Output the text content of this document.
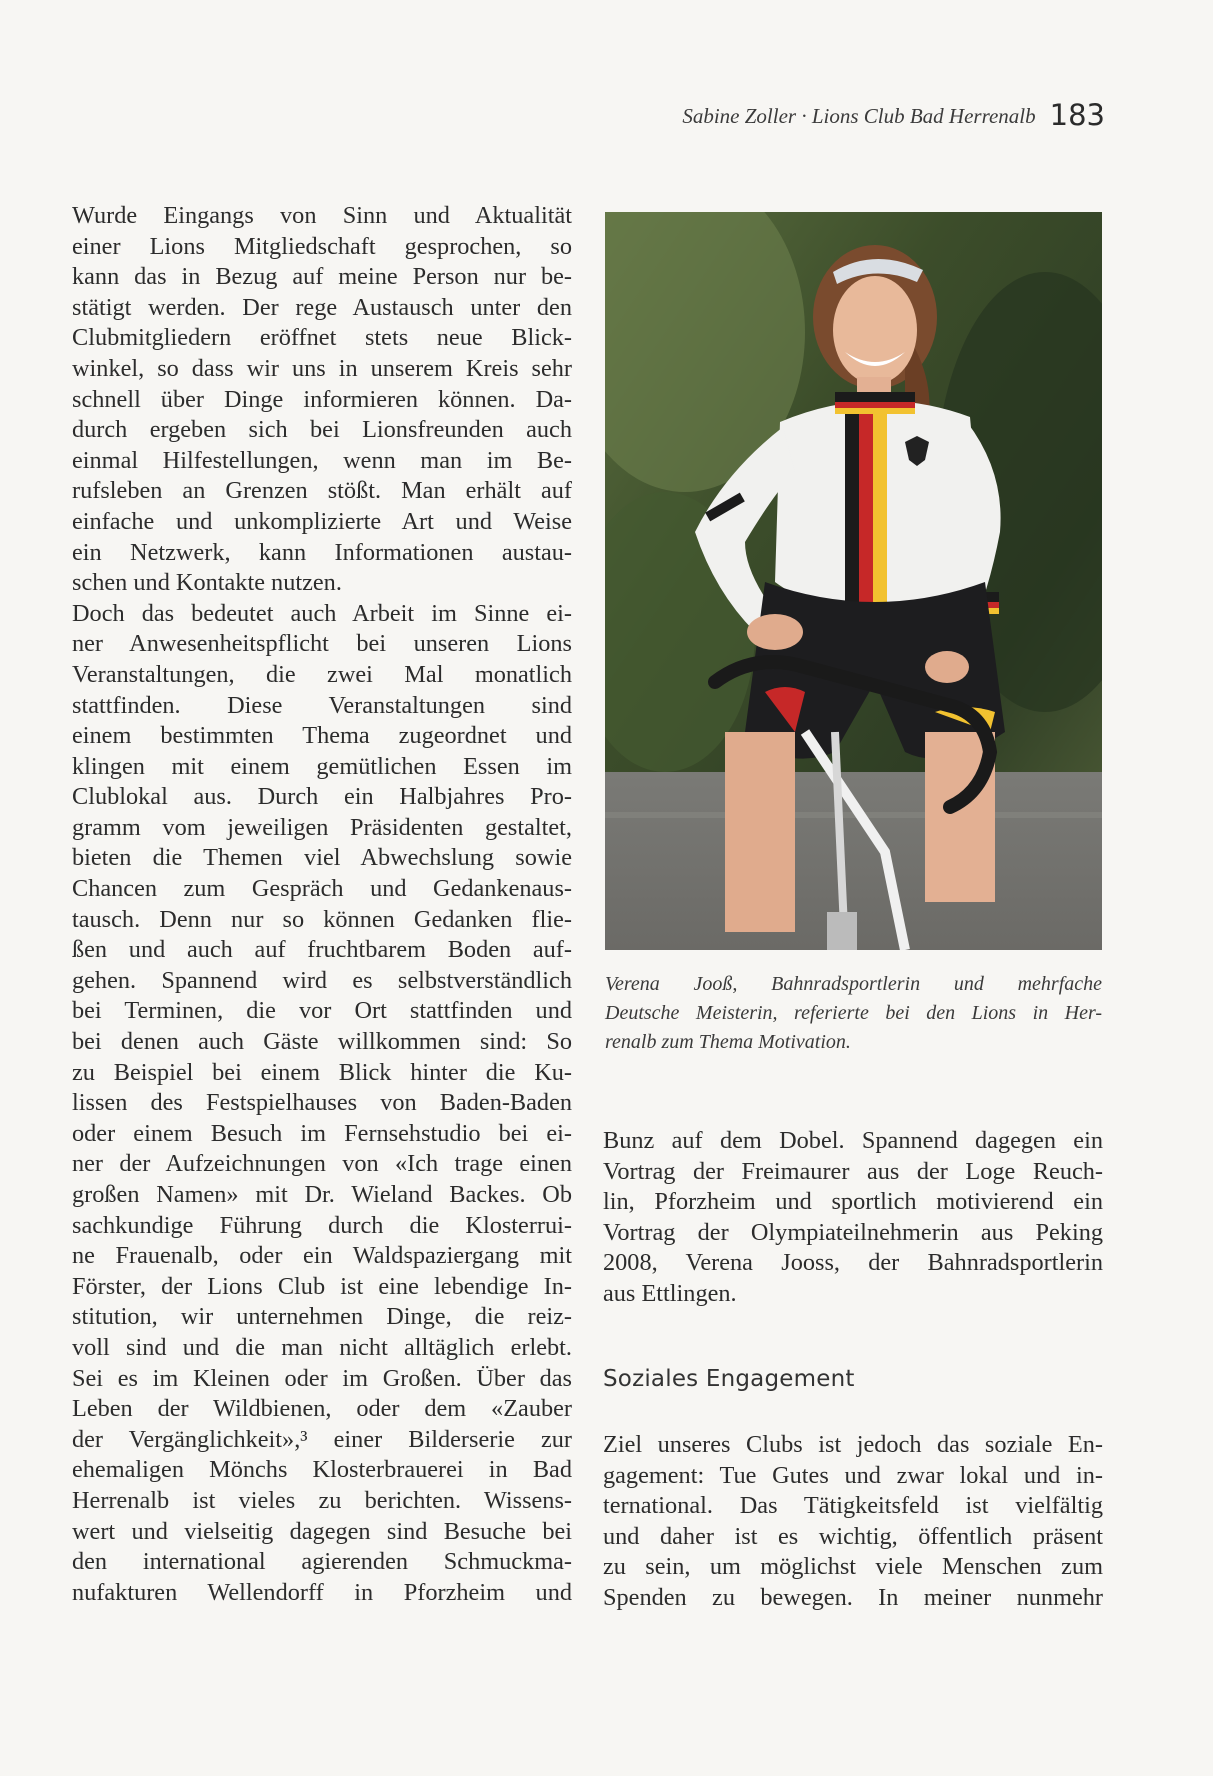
Sabine Zoller · Lions Club Bad Herrenalb 183
Wurde Eingangs von Sinn und Aktualität
einer Lions Mitgliedschaft gesprochen, so
kann das in Bezug auf meine Person nur be-
stätigt werden. Der rege Austausch unter den
Clubmitgliedern eröffnet stets neue Blick-
winkel, so dass wir uns in unserem Kreis sehr
schnell über Dinge informieren können. Da-
durch ergeben sich bei Lionsfreunden auch
einmal Hilfestellungen, wenn man im Be-
rufsleben an Grenzen stößt. Man erhält auf
einfache und unkomplizierte Art und Weise
ein Netzwerk, kann Informationen austau-
schen und Kontakte nutzen.
Doch das bedeutet auch Arbeit im Sinne ei-
ner Anwesenheitspflicht bei unseren Lions
Veranstaltungen, die zwei Mal monatlich
stattfinden. Diese Veranstaltungen sind
einem bestimmten Thema zugeordnet und
klingen mit einem gemütlichen Essen im
Clublokal aus. Durch ein Halbjahres Pro-
gramm vom jeweiligen Präsidenten gestaltet,
bieten die Themen viel Abwechslung sowie
Chancen zum Gespräch und Gedankenaus-
tausch. Denn nur so können Gedanken flie-
ßen und auch auf fruchtbarem Boden auf-
gehen. Spannend wird es selbstverständlich
bei Terminen, die vor Ort stattfinden und
bei denen auch Gäste willkommen sind: So
zu Beispiel bei einem Blick hinter die Ku-
lissen des Festspielhauses von Baden-Baden
oder einem Besuch im Fernsehstudio bei ei-
ner der Aufzeichnungen von «Ich trage einen
großen Namen» mit Dr. Wieland Backes. Ob
sachkundige Führung durch die Klosterrui-
ne Frauenalb, oder ein Waldspaziergang mit
Förster, der Lions Club ist eine lebendige In-
stitution, wir unternehmen Dinge, die reiz-
voll sind und die man nicht alltäglich erlebt.
Sei es im Kleinen oder im Großen. Über das
Leben der Wildbienen, oder dem «Zauber
der Vergänglichkeit»,³ einer Bilderserie zur
ehemaligen Mönchs Klosterbrauerei in Bad
Herrenalb ist vieles zu berichten. Wissens-
wert und vielseitig dagegen sind Besuche bei
den international agierenden Schmuckma-
nufakturen Wellendorff in Pforzheim und
Verena Jooß, Bahnradsportlerin und mehrfache
Deutsche Meisterin, referierte bei den Lions in Her-
renalb zum Thema Motivation.
Bunz auf dem Dobel. Spannend dagegen ein
Vortrag der Freimaurer aus der Loge Reuch-
lin, Pforzheim und sportlich motivierend ein
Vortrag der Olympiateilnehmerin aus Peking
2008, Verena Jooss, der Bahnradsportlerin
aus Ettlingen.
Soziales Engagement
Ziel unseres Clubs ist jedoch das soziale En-
gagement: Tue Gutes und zwar lokal und in-
ternational. Das Tätigkeitsfeld ist vielfältig
und daher ist es wichtig, öffentlich präsent
zu sein, um möglichst viele Menschen zum
Spenden zu bewegen. In meiner nunmehr
